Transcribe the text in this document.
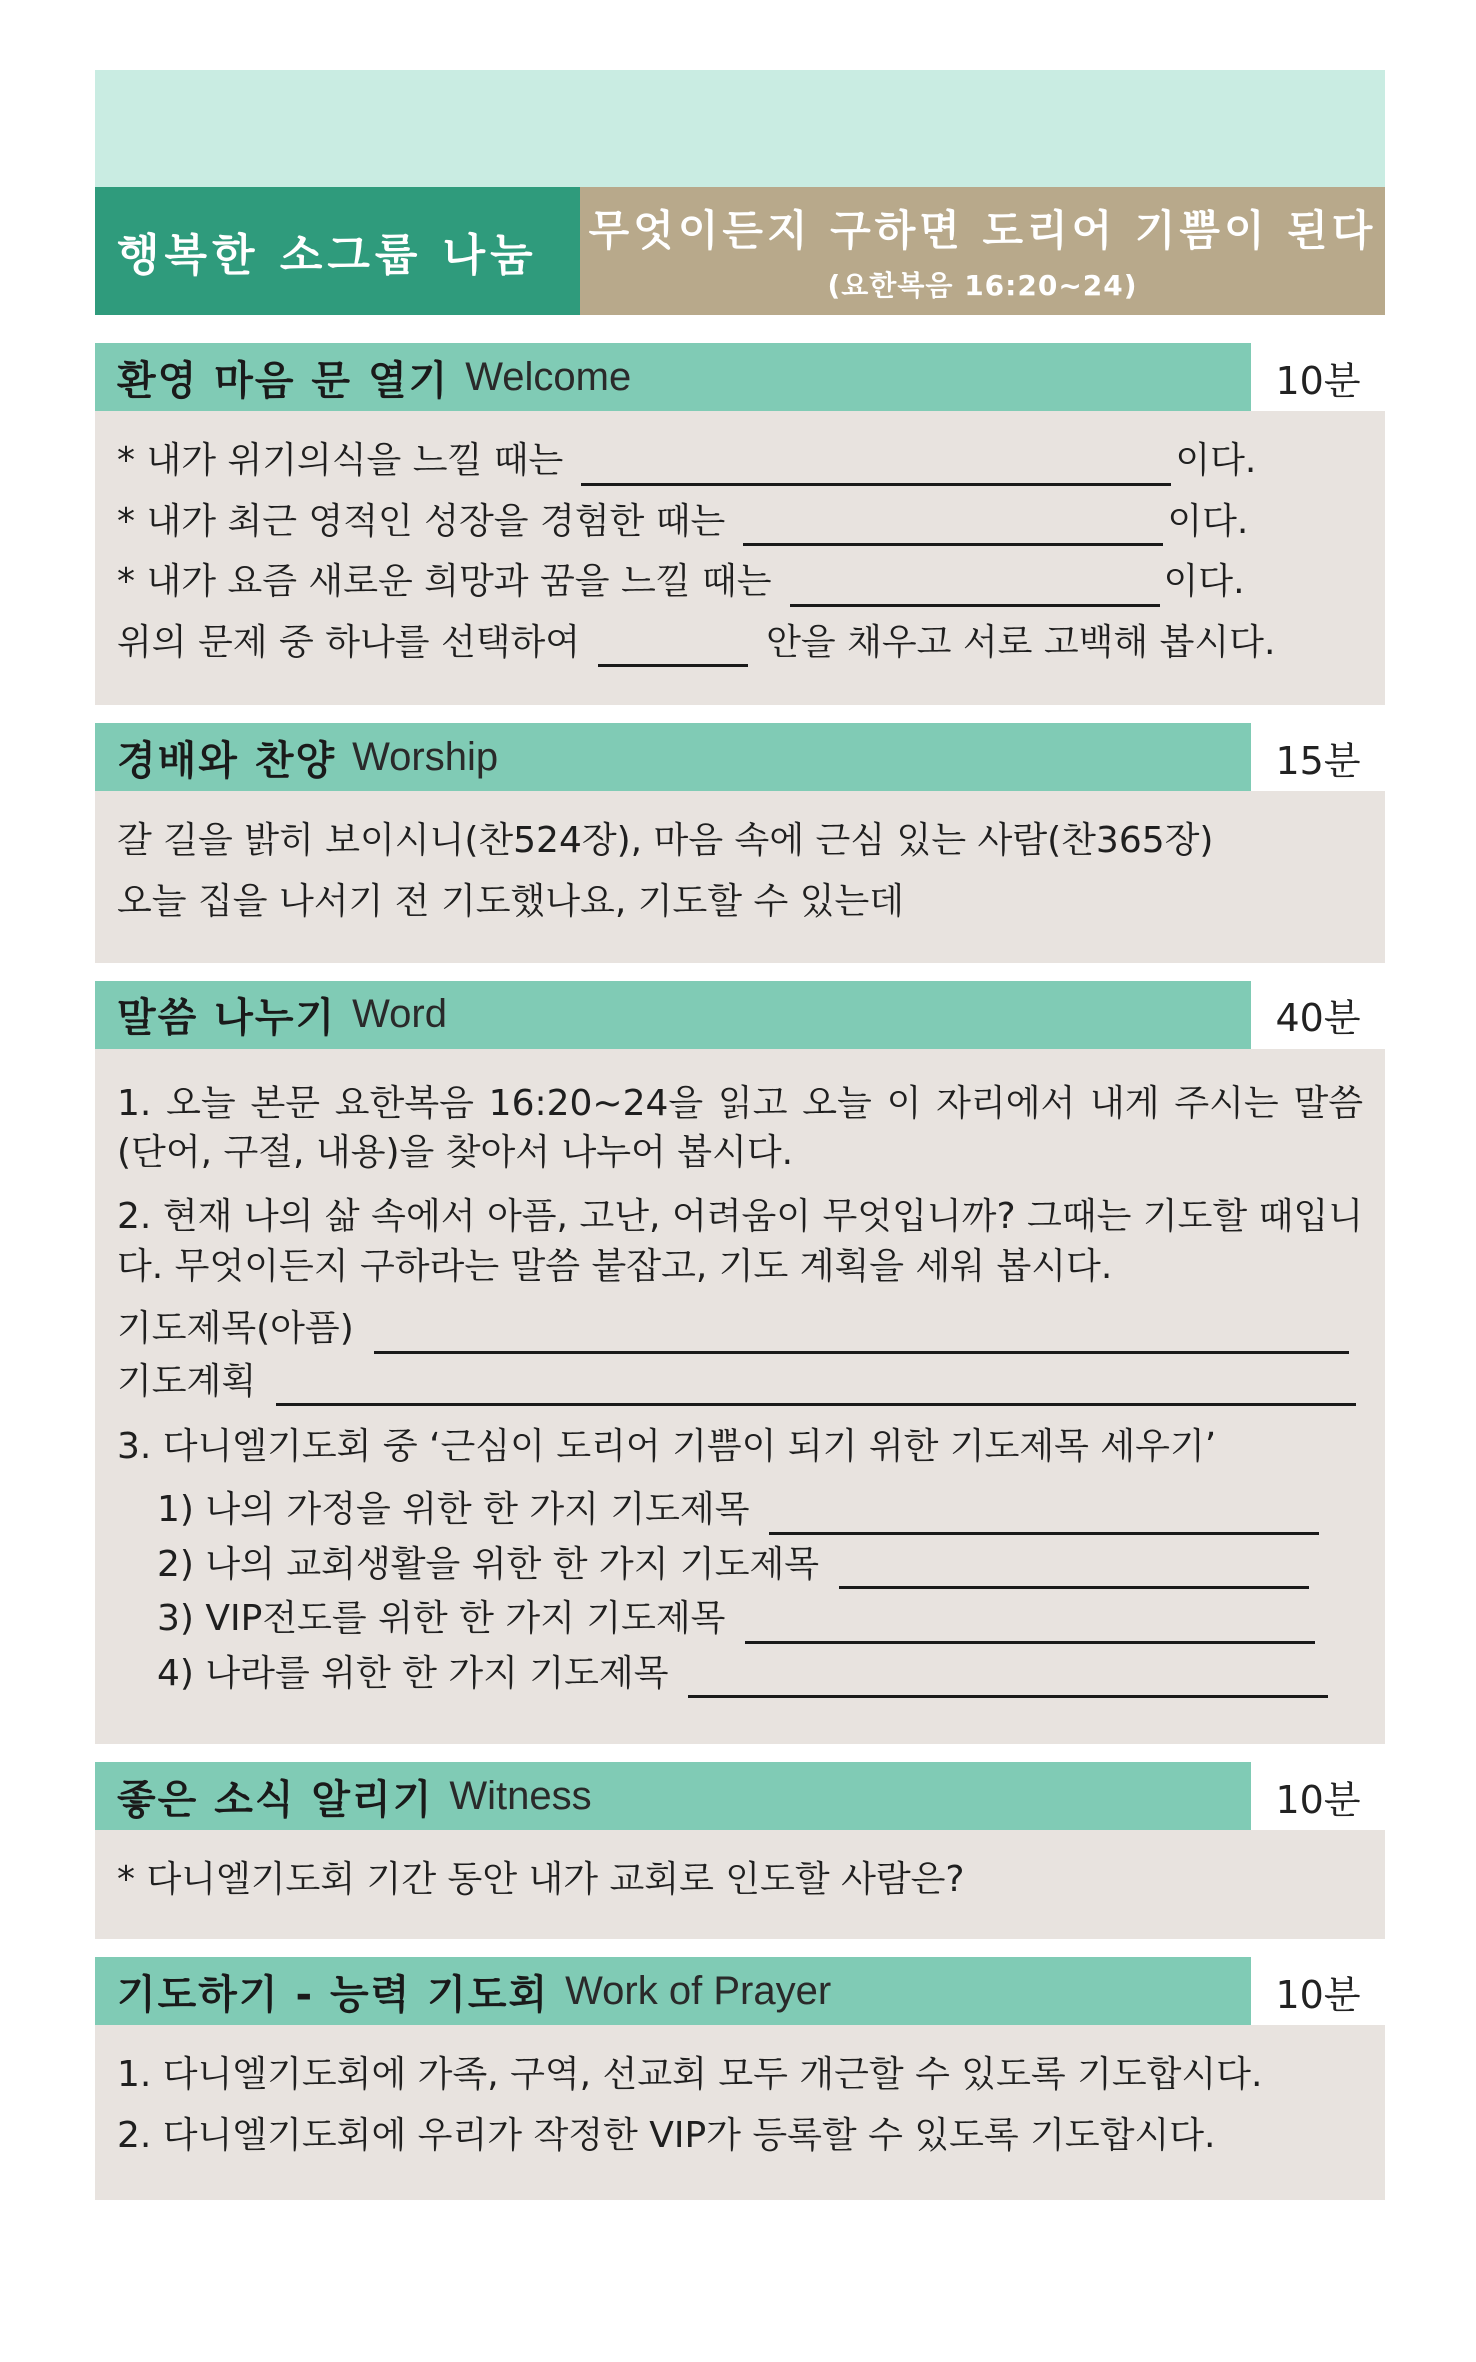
행복한 소그룹 나눔	무엇이든지 구하면 도리어 기쁨이 된다
(요한복음 16:20~24)
환영 마음 문 열기 Welcome	10분
* 내가 위기의식을 느낄 때는	이다.
* 내가 최근 영적인 성장을 경험한 때는	이다.
* 내가 요즘 새로운 희망과 꿈을 느낄 때는	이다.
위의 문제 중 하나를 선택하여	안을 채우고 서로 고백해 봅시다.
경배와 찬양 Worship	15분
갈 길을 밝히 보이시니(찬524장), 마음 속에 근심 있는 사람(찬365장)
오늘 집을 나서기 전 기도했나요, 기도할 수 있는데
말씀 나누기 Word	40분
1. 오늘 본문 요한복음 16:20~24을 읽고 오늘 이 자리에서 내게 주시는 말씀(단어, 구절, 내용)을 찾아서 나누어 봅시다.
2. 현재 나의 삶 속에서 아픔, 고난, 어려움이 무엇입니까? 그때는 기도할 때입니다. 무엇이든지 구하라는 말씀 붙잡고, 기도 계획을 세워 봅시다.
기도제목(아픔)
기도계획
3. 다니엘기도회 중 ‘근심이 도리어 기쁨이 되기 위한 기도제목 세우기’
1) 나의 가정을 위한 한 가지 기도제목
2) 나의 교회생활을 위한 한 가지 기도제목
3) VIP전도를 위한 한 가지 기도제목
4) 나라를 위한 한 가지 기도제목
좋은 소식 알리기 Witness	10분
* 다니엘기도회 기간 동안 내가 교회로 인도할 사람은?
기도하기 - 능력 기도회 Work of Prayer	10분
1. 다니엘기도회에 가족, 구역, 선교회 모두 개근할 수 있도록 기도합시다.
2. 다니엘기도회에 우리가 작정한 VIP가 등록할 수 있도록 기도합시다.
